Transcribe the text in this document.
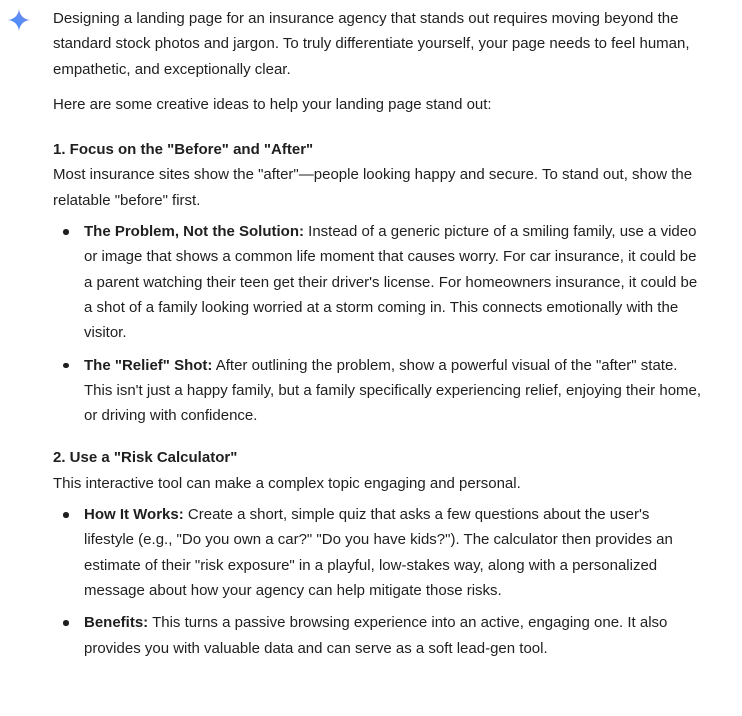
Designing a landing page for an insurance agency that stands out requires moving beyond the standard stock photos and jargon. To truly differentiate yourself, your page needs to feel human, empathetic, and exceptionally clear.

Here are some creative ideas to help your landing page stand out:

1. Focus on the "Before" and "After"

Most insurance sites show the "after"—people looking happy and secure. To stand out, show the relatable "before" first.

The Problem, Not the Solution: Instead of a generic picture of a smiling family, use a video or image that shows a common life moment that causes worry. For car insurance, it could be a parent watching their teen get their driver's license. For homeowners insurance, it could be a shot of a family looking worried at a storm coming in. This connects emotionally with the visitor.
The "Relief" Shot: After outlining the problem, show a powerful visual of the "after" state. This isn't just a happy family, but a family specifically experiencing relief, enjoying their home, or driving with confidence.

2. Use a "Risk Calculator"

This interactive tool can make a complex topic engaging and personal.

How It Works: Create a short, simple quiz that asks a few questions about the user's lifestyle (e.g., "Do you own a car?" "Do you have kids?"). The calculator then provides an estimate of their "risk exposure" in a playful, low-stakes way, along with a personalized message about how your agency can help mitigate those risks.
Benefits: This turns a passive browsing experience into an active, engaging one. It also provides you with valuable data and can serve as a soft lead-gen tool.
